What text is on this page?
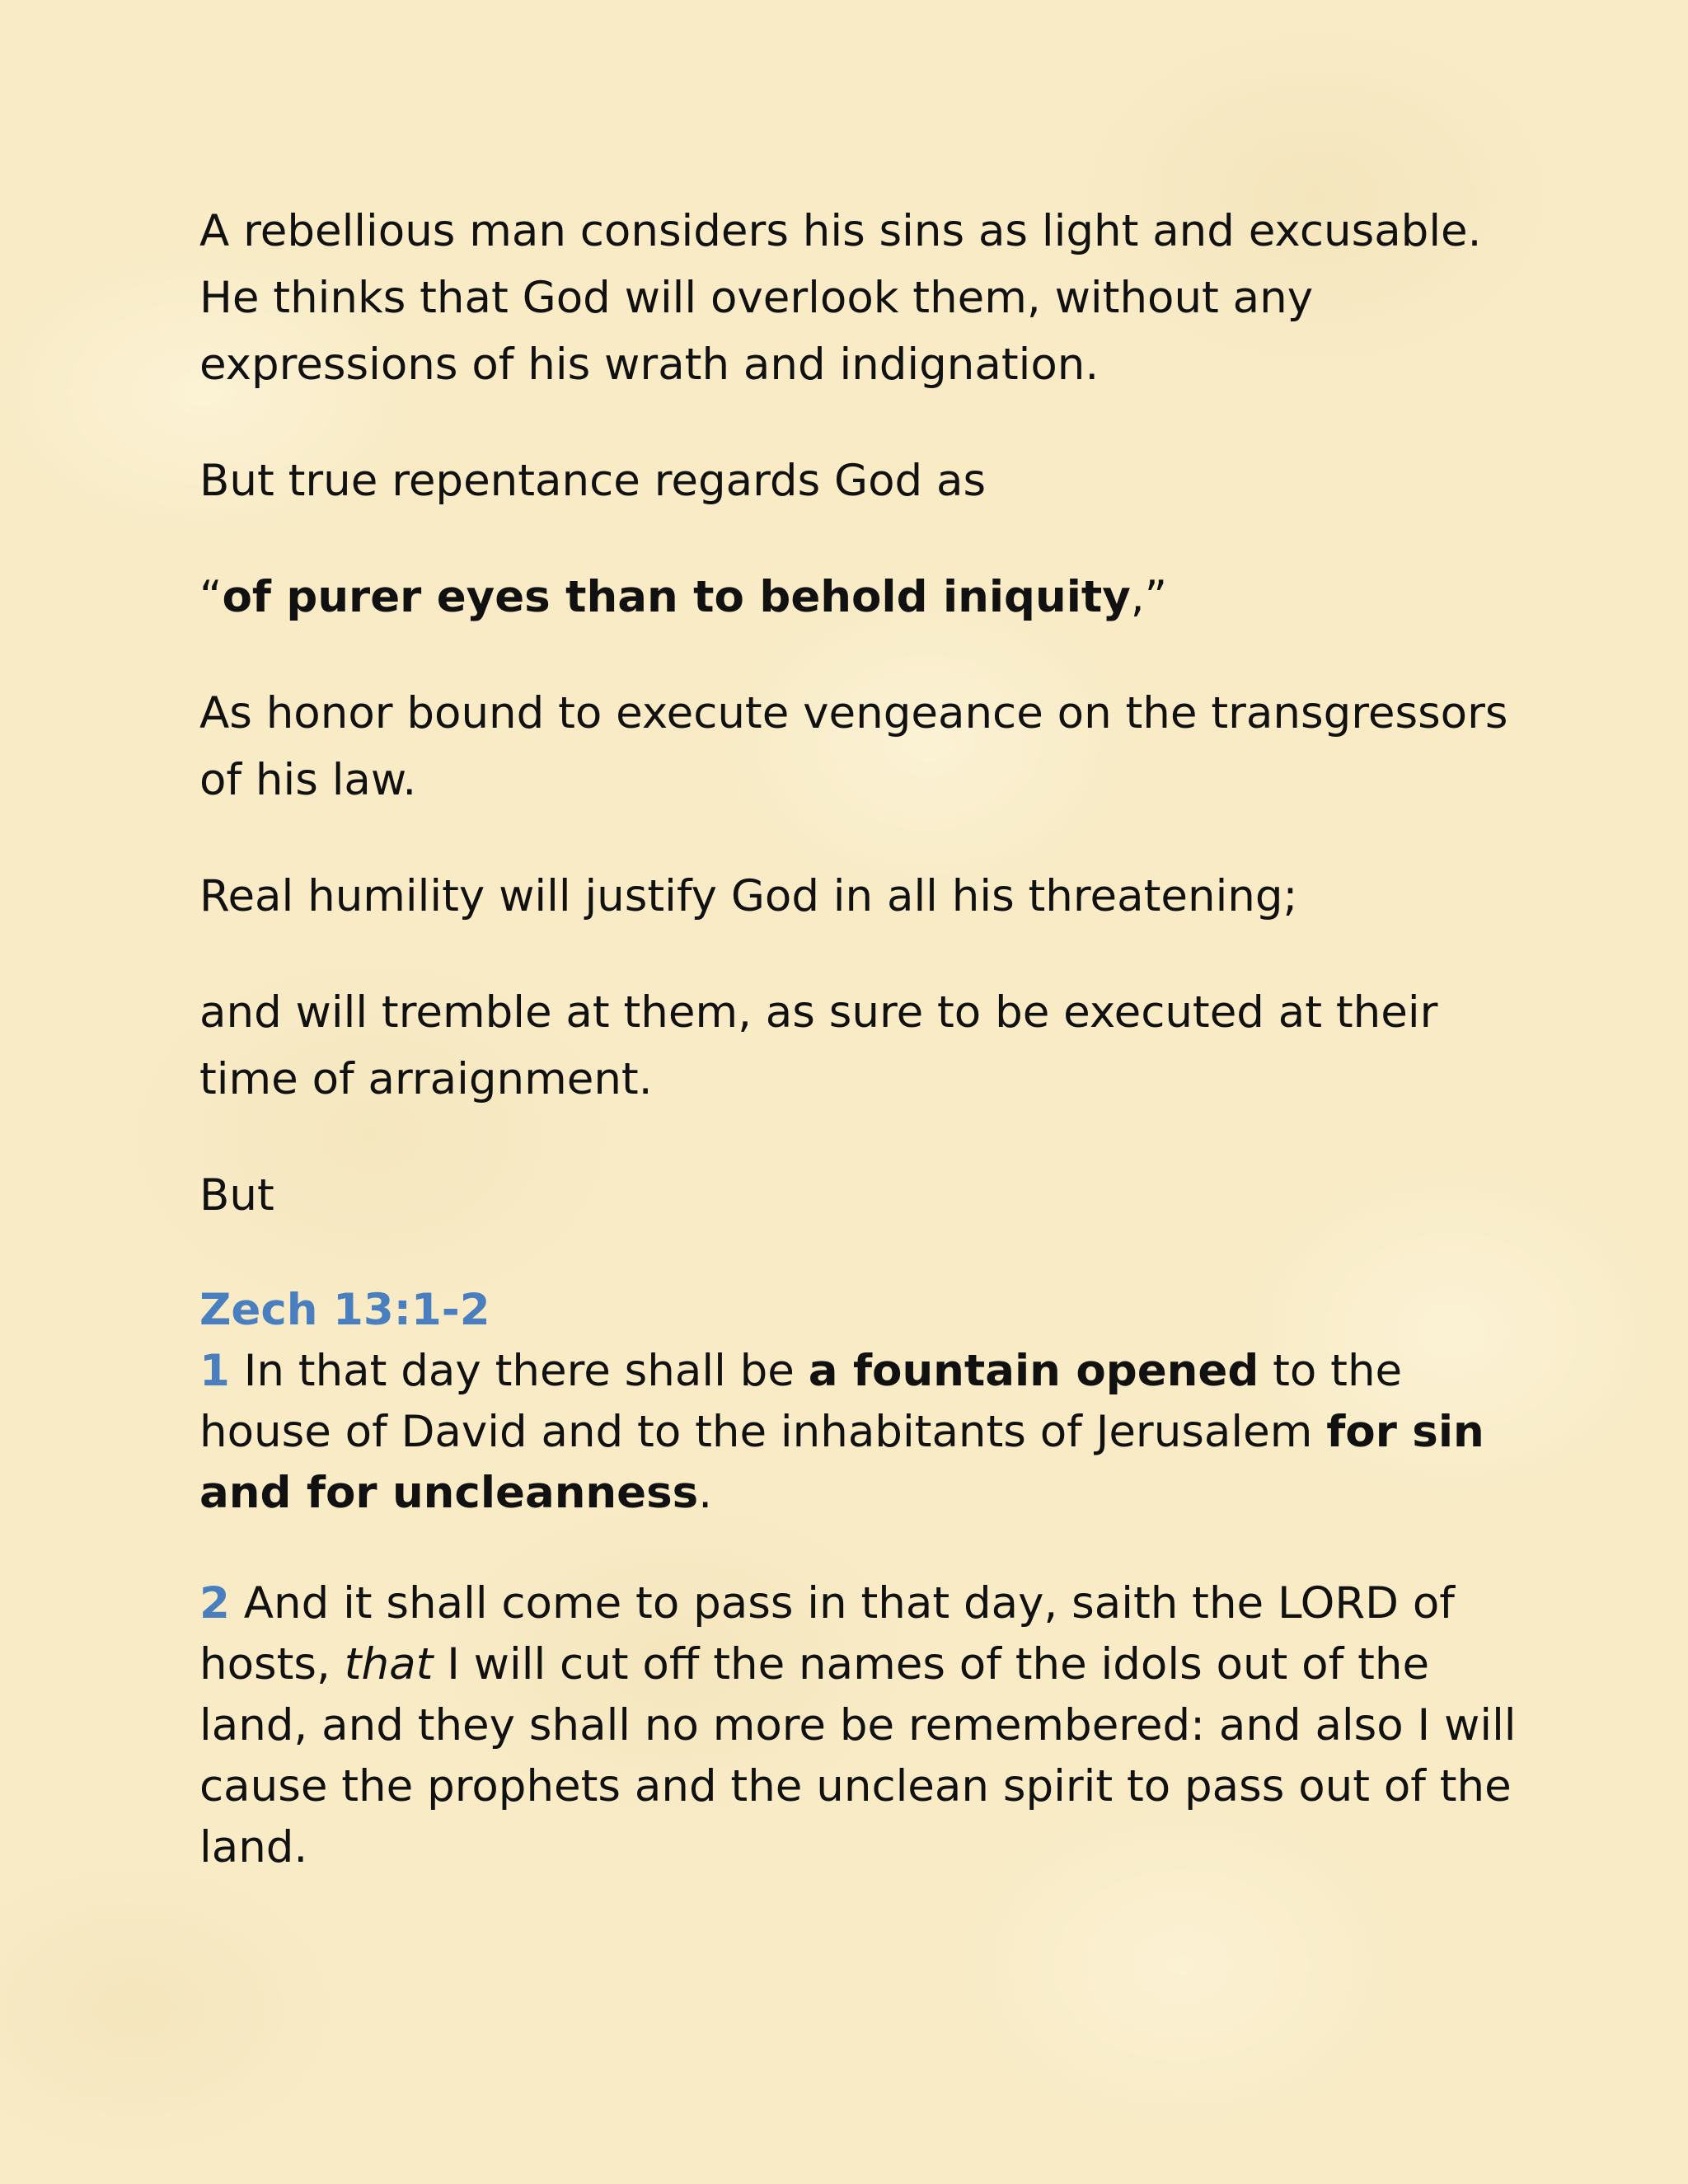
A rebellious man considers his sins as light and excusable. He thinks that God will overlook them, without any expressions of his wrath and indignation.

But true repentance regards God as

“of purer eyes than to behold iniquity,”

As honor bound to execute vengeance on the transgressors of his law.

Real humility will justify God in all his threatening;

and will tremble at them, as sure to be executed at their time of arraignment.

But

Zech 13:1-2

1 In that day there shall be a fountain opened to the house of David and to the inhabitants of Jerusalem for sin and for uncleanness.

2 And it shall come to pass in that day, saith the LORD of hosts, that I will cut off the names of the idols out of the land, and they shall no more be remembered: and also I will cause the prophets and the unclean spirit to pass out of the land.
